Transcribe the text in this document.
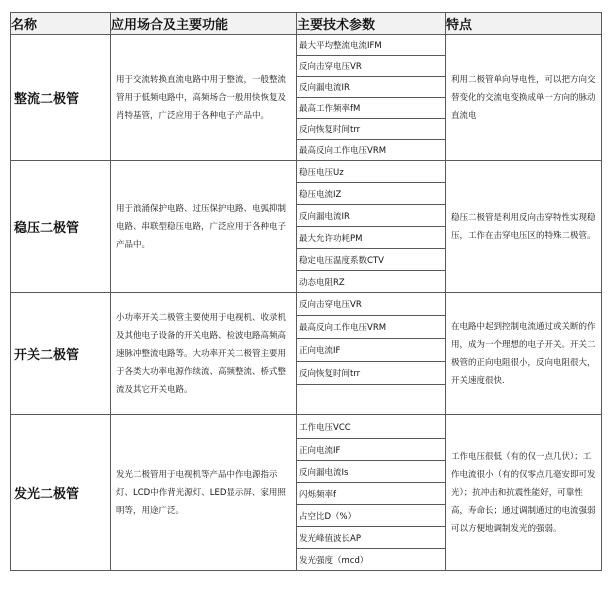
名称	应用场合及主要功能	主要技术参数	特点
整流二极管	用于交流转换直流电路中用于整流，一般整流管用于低频电路中，高频场合一般用快恢复及肖特基管，广泛应用于各种电子产品中。	最大平均整流电流IFM	利用二极管单向导电性，可以把方向交替变化的交流电变换成单一方向的脉动直流电
		反向击穿电压VR	
		反向漏电流IR	
		最高工作频率fM	
		反向恢复时间trr	
		最高反向工作电压VRM	
稳压二极管	用于浪涌保护电路、过压保护电路、电弧抑制电路、串联型稳压电路，广泛应用于各种电子产品中。	稳压电压Uz	稳压二极管是利用反向击穿特性实现稳压，工作在击穿电压区的特殊二极管。
		稳压电流IZ	
		反向漏电流IR	
		最大允许功耗PM	
		稳定电压温度系数CTV	
		动态电阻RZ	
开关二极管	小功率开关二极管主要使用于电视机、收录机及其他电子设备的开关电路、检波电路高频高速脉冲整流电路等。大功率开关二极管主要用于各类大功率电源作续流、高频整流、桥式整流及其它开关电路。	反向击穿电压VR	在电路中起到控制电流通过或关断的作用，成为一个理想的电子开关。开关二极管的正向电阻很小，反向电阻很大，开关速度很快.
		最高反向工作电压VRM	
		正向电流IF	
		反向恢复时间trr	

发光二极管	发光二极管用于电视机等产品中作电源指示灯、LCD中作背光源灯、LED显示屏、家用照明等，用途广泛。	工作电压VCC	工作电压很低（有的仅一点几伏）；工作电流很小（有的仅零点几毫安即可发光）；抗冲击和抗震性能好，可靠性高，寿命长；通过调制通过的电流强弱可以方便地调制发光的强弱。
		正向电流IF	
		反向漏电流Is	
		闪烁频率f	
		占空比D（%）	
		发光峰值波长AP	
		发光强度（mcd）	
